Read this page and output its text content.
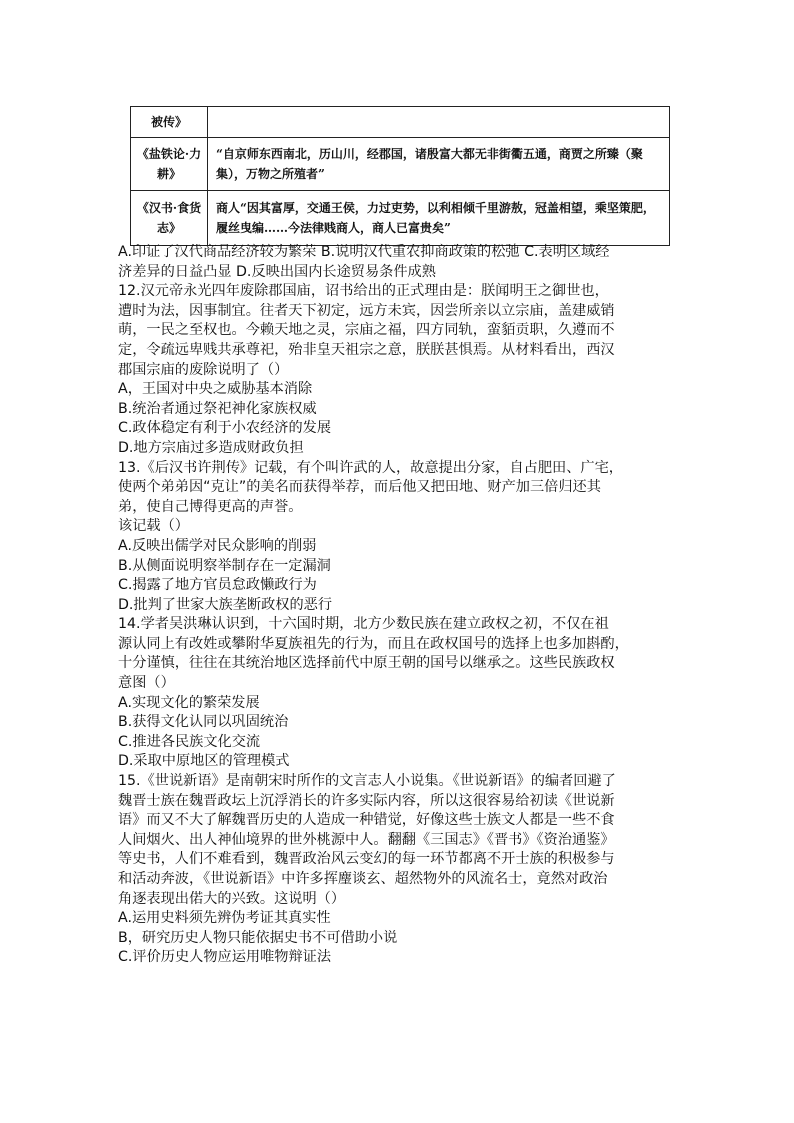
被传》	
《盐铁论·力耕》	“自京师东西南北，历山川，经郡国，诸殷富大都无非街衢五通，商贾之所臻（聚集），万物之所殖者”
《汉书·食货志》	商人“因其富厚，交通王侯，力过吏势，以利相倾千里游敖，冠盖相望，乘坚策肥，履丝曳编……今法律贱商人，商人已富贵矣”

A.印证了汉代商品经济较为繁荣 B.说明汉代重农抑商政策的松弛 C.表明区域经

济差异的日益凸显 D.反映出国内长途贸易条件成熟

12.汉元帝永光四年废除郡国庙，诏书给出的正式理由是：朕闻明王之御世也，

遭时为法，因事制宜。往者天下初定，远方未宾，因尝所亲以立宗庙，盖建威销

萌，一民之至权也。今赖天地之灵，宗庙之福，四方同轨，蛮貊贡职，久遵而不

定，令疏远卑贱共承尊祀，殆非皇天祖宗之意，朕朕甚惧焉。从材料看出，西汉

郡国宗庙的废除说明了（）

A，王国对中央之威胁基本消除

B.统治者通过祭祀神化家族权威

C.政体稳定有利于小农经济的发展

D.地方宗庙过多造成财政负担

13.《后汉书许荆传》记载，有个叫许武的人，故意提出分家，自占肥田、广宅，

使两个弟弟因“克让”的美名而获得举荐，而后他又把田地、财产加三倍归还其

弟，使自己博得更高的声誉。

该记载（）

A.反映出儒学对民众影响的削弱

B.从侧面说明察举制存在一定漏洞

C.揭露了地方官员怠政懒政行为

D.批判了世家大族垄断政权的恶行

14.学者吴洪琳认识到，十六国时期，北方少数民族在建立政权之初，不仅在祖

源认同上有改姓或攀附华夏族祖先的行为，而且在政权国号的选择上也多加斟酌，

十分谨慎，往往在其统治地区选择前代中原王朝的国号以继承之。这些民族政权

意图（）

A.实现文化的繁荣发展

B.获得文化认同以巩固统治

C.推进各民族文化交流

D.采取中原地区的管理模式

15.《世说新语》是南朝宋时所作的文言志人小说集。《世说新语》的编者回避了

魏晋士族在魏晋政坛上沉浮消长的许多实际内容，所以这很容易给初读《世说新

语》而又不大了解魏晋历史的人造成一种错觉，好像这些士族文人都是一些不食

人间烟火、出人神仙境界的世外桃源中人。翻翻《三国志》《晋书》《资治通鉴》

等史书，人们不难看到，魏晋政治风云变幻的每一环节都离不开士族的积极参与

和活动奔波，《世说新语》中许多挥麈谈玄、超然物外的风流名士，竟然对政治

角逐表现出偌大的兴致。这说明（）

A.运用史料须先辨伪考证其真实性

B，研究历史人物只能依据史书不可借助小说

C.评价历史人物应运用唯物辩证法
